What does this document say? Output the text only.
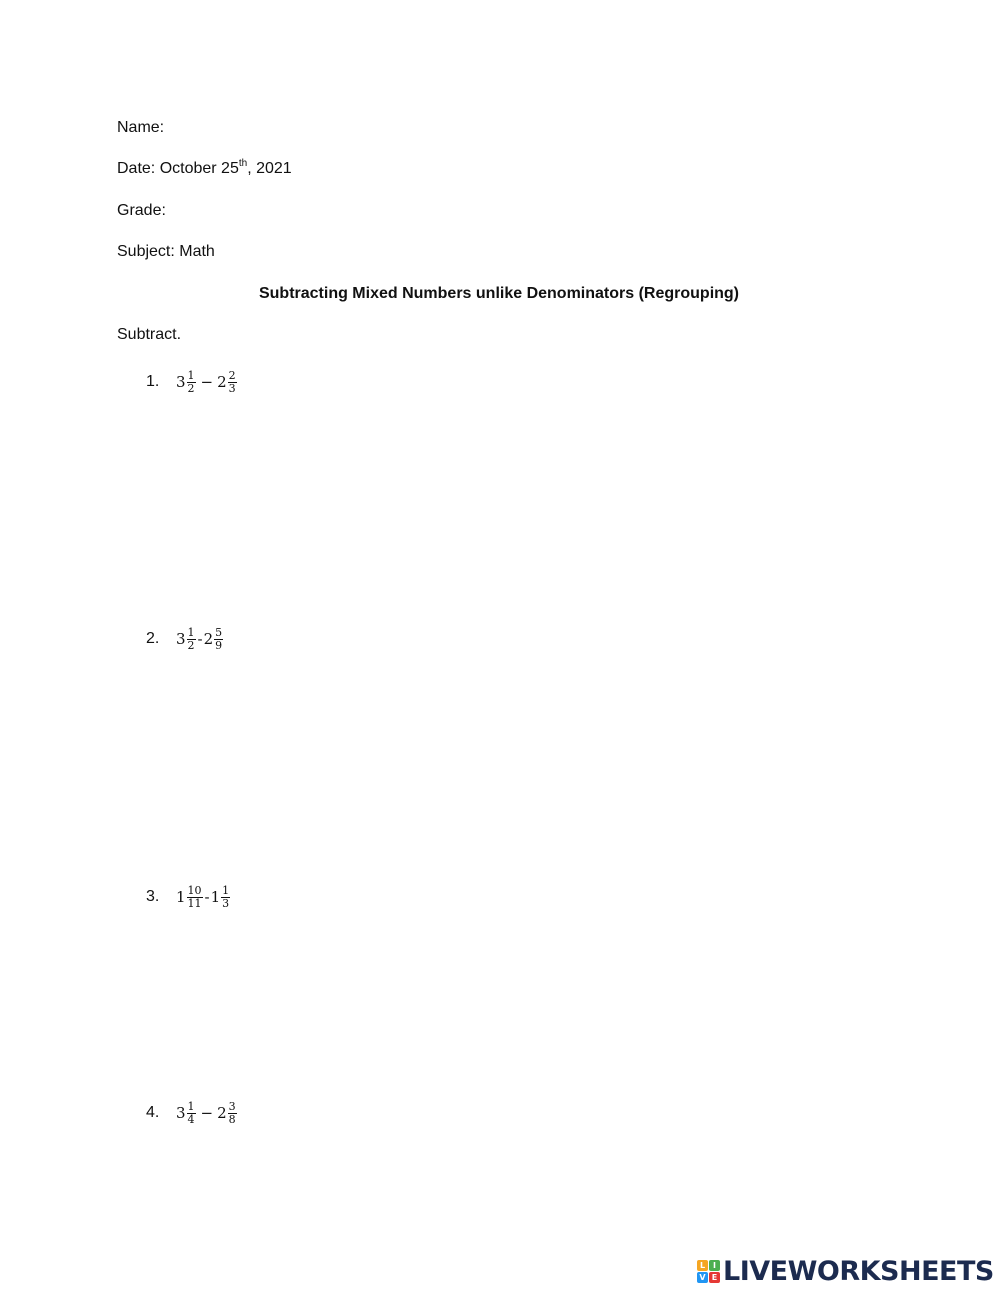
Name:
Date: October 25th, 2021
Grade:
Subject: Math
Subtracting Mixed Numbers unlike Denominators (Regrouping)
Subtract.
1.	$3 \frac{1}{2} - 2 \frac{2}{3}$
2.	$3 \frac{1}{2} - 2 \frac{5}{9}$
3.	$1 \frac{10}{11} - 1 \frac{1}{3}$
4.	$3 \frac{1}{4} - 2 \frac{3}{8}$
L I
V E LIVEWORKSHEETS
